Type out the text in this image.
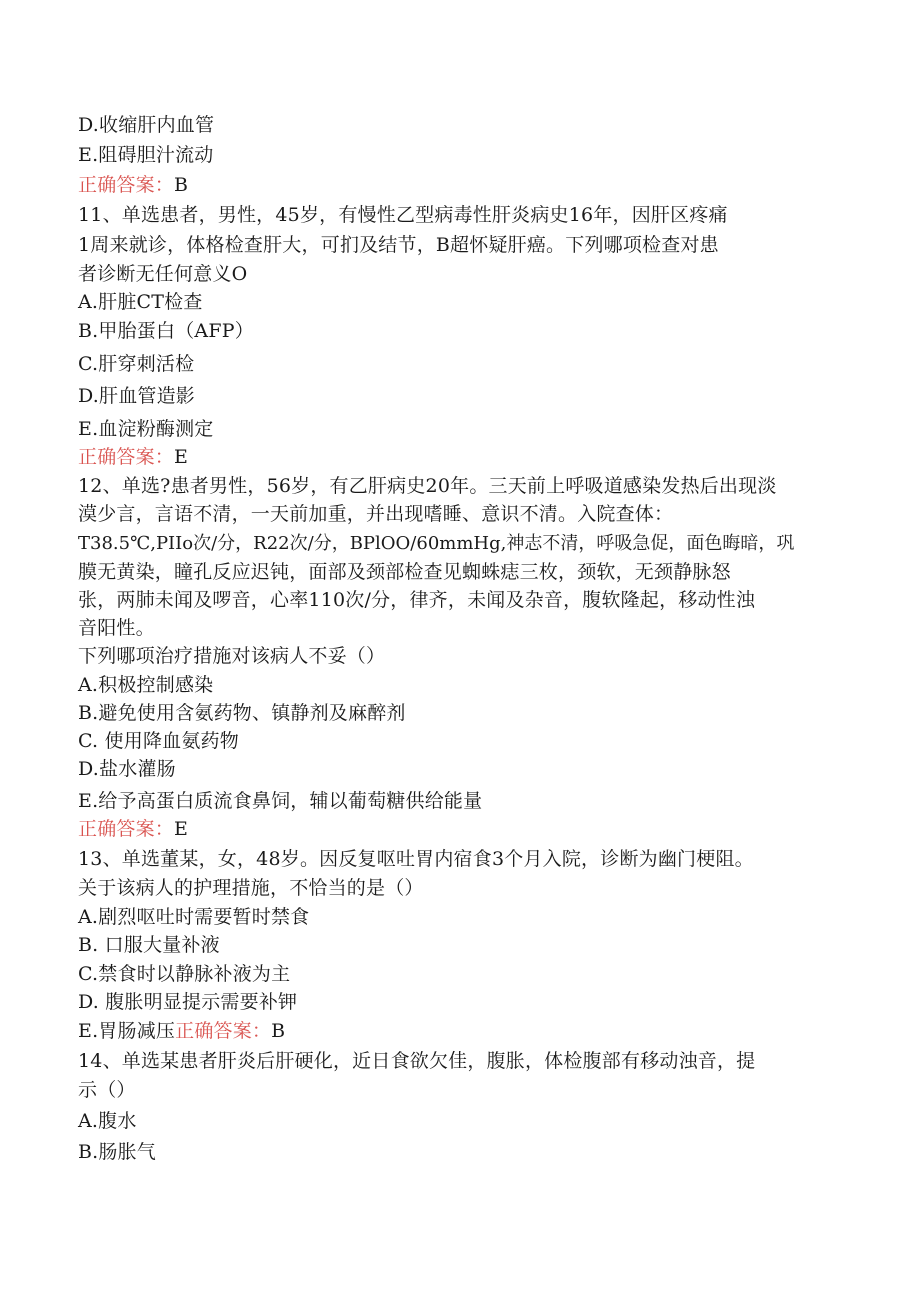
D.收缩肝内血管
E.阻碍胆汁流动
正确答案：B
11、单选患者，男性，45岁，有慢性乙型病毒性肝炎病史16年，因肝区疼痛
1周来就诊，体格检查肝大，可扪及结节，B超怀疑肝癌。下列哪项检查对患
者诊断无任何意义O
A.肝脏CT检查
B.甲胎蛋白（AFP）
C.肝穿刺活检
D.肝血管造影
E.血淀粉酶测定
正确答案：E
12、单选?患者男性，56岁，有乙肝病史20年。三天前上呼吸道感染发热后出现淡
漠少言，言语不清，一天前加重，并出现嗜睡、意识不清。入院查体：
T38.5℃,PIIo次/分，R22次/分，BPlOO/60mmHg,神志不清，呼吸急促，面色晦暗，巩
膜无黄染，瞳孔反应迟钝，面部及颈部检查见蜘蛛痣三枚，颈软，无颈静脉怒
张，两肺未闻及啰音，心率110次/分，律齐，未闻及杂音，腹软隆起，移动性浊
音阳性。
下列哪项治疗措施对该病人不妥（）
A.积极控制感染
B.避免使用含氨药物、镇静剂及麻醉剂
C. 使用降血氨药物
D.盐水灌肠
E.给予高蛋白质流食鼻饲，辅以葡萄糖供给能量
正确答案：E
13、单选董某，女，48岁。因反复呕吐胃内宿食3个月入院，诊断为幽门梗阻。
关于该病人的护理措施，不恰当的是（）
A.剧烈呕吐时需要暂时禁食
B. 口服大量补液
C.禁食时以静脉补液为主
D. 腹胀明显提示需要补钾
E.胃肠减压正确答案：B
14、单选某患者肝炎后肝硬化，近日食欲欠佳，腹胀，体检腹部有移动浊音，提
示（）
A.腹水
B.肠胀气
